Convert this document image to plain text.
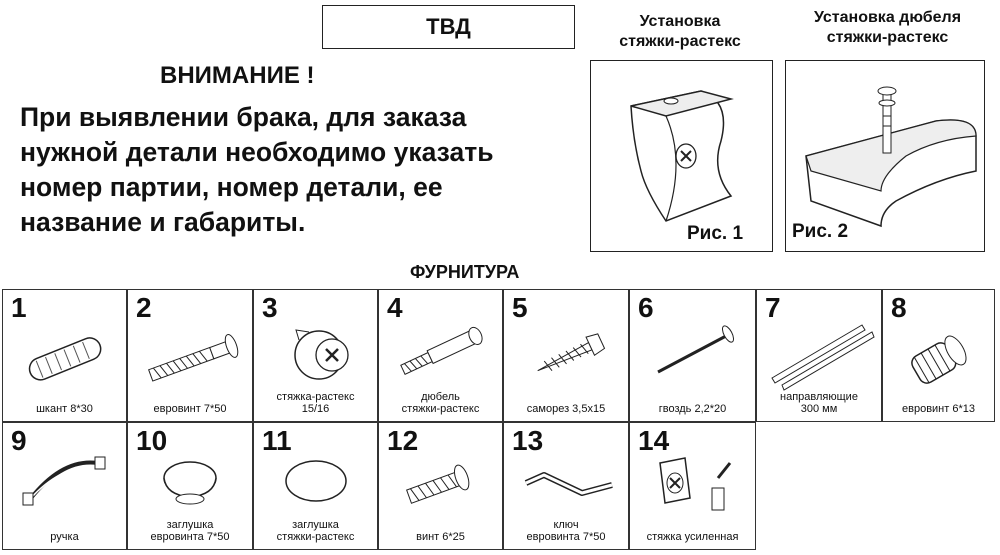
ТВД
ВНИМАНИЕ !
При выявлении брака, для заказа
нужной детали необходимо указать
номер партии, номер детали, ее
название и габариты.
Установка
стяжки-растекс
Рис. 1
Установка дюбеля
стяжки-растекс
Рис. 2
ФУРНИТУРА
1
шкант 8*30
2
евровинт 7*50
3
стяжка-растекс
15/16
4
дюбель
стяжки-растекс
5
саморез 3,5х15
6
гвоздь 2,2*20
7
направляющие
300 мм
8
евровинт 6*13
9
ручка
10
заглушка
евровинта 7*50
11
заглушка
стяжки-растекс
12
винт 6*25
13
ключ
евровинта 7*50
14
стяжка усиленная
